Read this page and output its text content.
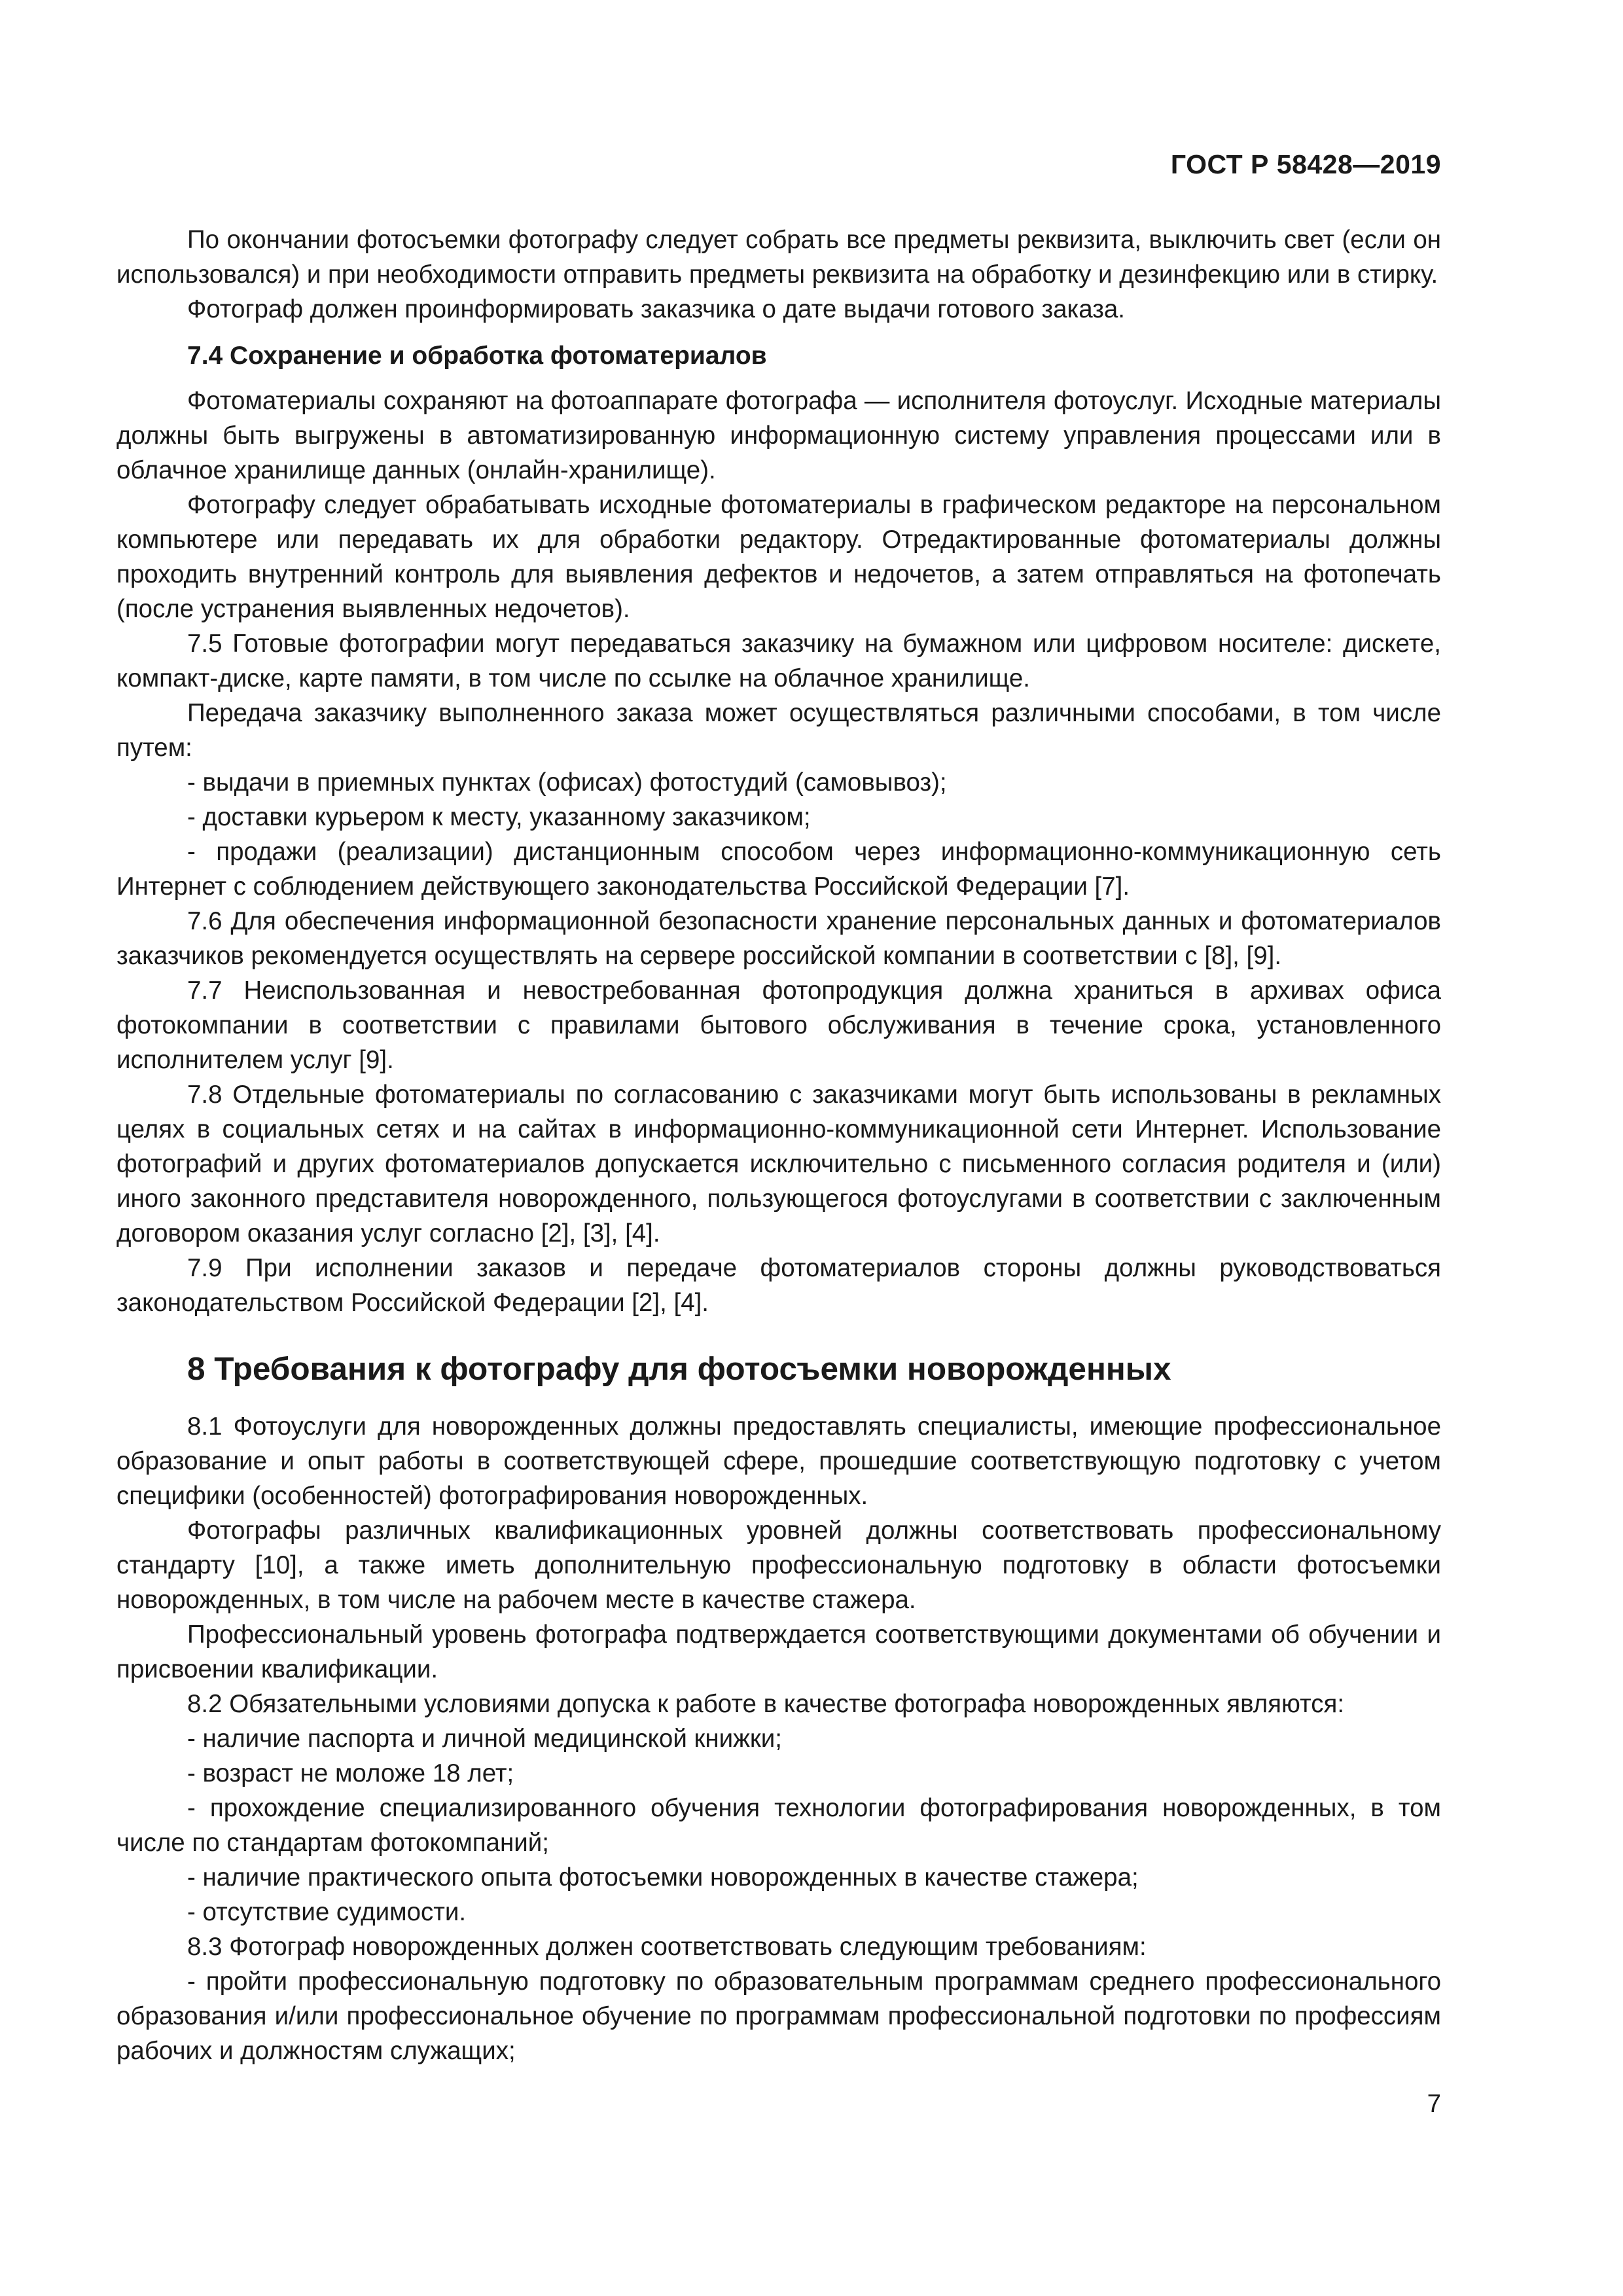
ГОСТ Р 58428—2019

По окончании фотосъемки фотографу следует собрать все предметы реквизита, выключить свет (если он использовался) и при необходимости отправить предметы реквизита на обработку и дезинфекцию или в стирку.

Фотограф должен проинформировать заказчика о дате выдачи готового заказа.

7.4 Сохранение и обработка фотоматериалов

Фотоматериалы сохраняют на фотоаппарате фотографа — исполнителя фотоуслуг. Исходные материалы должны быть выгружены в автоматизированную информационную систему управления процессами или в облачное хранилище данных (онлайн-хранилище).

Фотографу следует обрабатывать исходные фотоматериалы в графическом редакторе на персональном компьютере или передавать их для обработки редактору. Отредактированные фотоматериалы должны проходить внутренний контроль для выявления дефектов и недочетов, а затем отправляться на фотопечать (после устранения выявленных недочетов).

7.5 Готовые фотографии могут передаваться заказчику на бумажном или цифровом носителе: дискете, компакт-диске, карте памяти, в том числе по ссылке на облачное хранилище.

Передача заказчику выполненного заказа может осуществляться различными способами, в том числе путем:

- выдачи в приемных пунктах (офисах) фотостудий (самовывоз);

- доставки курьером к месту, указанному заказчиком;

- продажи (реализации) дистанционным способом через информационно-коммуникационную сеть Интернет с соблюдением действующего законодательства Российской Федерации [7].

7.6 Для обеспечения информационной безопасности хранение персональных данных и фотоматериалов заказчиков рекомендуется осуществлять на сервере российской компании в соответствии с [8], [9].

7.7 Неиспользованная и невостребованная фотопродукция должна храниться в архивах офиса фотокомпании в соответствии с правилами бытового обслуживания в течение срока, установленного исполнителем услуг [9].

7.8 Отдельные фотоматериалы по согласованию с заказчиками могут быть использованы в рекламных целях в социальных сетях и на сайтах в информационно-коммуникационной сети Интернет. Использование фотографий и других фотоматериалов допускается исключительно с письменного согласия родителя и (или) иного законного представителя новорожденного, пользующегося фотоуслугами в соответствии с заключенным договором оказания услуг согласно [2], [3], [4].

7.9 При исполнении заказов и передаче фотоматериалов стороны должны руководствоваться законодательством Российской Федерации [2], [4].

8 Требования к фотографу для фотосъемки новорожденных

8.1 Фотоуслуги для новорожденных должны предоставлять специалисты, имеющие профессиональное образование и опыт работы в соответствующей сфере, прошедшие соответствующую подготовку с учетом специфики (особенностей) фотографирования новорожденных.

Фотографы различных квалификационных уровней должны соответствовать профессиональному стандарту [10], а также иметь дополнительную профессиональную подготовку в области фотосъемки новорожденных, в том числе на рабочем месте в качестве стажера.

Профессиональный уровень фотографа подтверждается соответствующими документами об обучении и присвоении квалификации.

8.2 Обязательными условиями допуска к работе в качестве фотографа новорожденных являются:

- наличие паспорта и личной медицинской книжки;

- возраст не моложе 18 лет;

- прохождение специализированного обучения технологии фотографирования новорожденных, в том числе по стандартам фотокомпаний;

- наличие практического опыта фотосъемки новорожденных в качестве стажера;

- отсутствие судимости.

8.3 Фотограф новорожденных должен соответствовать следующим требованиям:

- пройти профессиональную подготовку по образовательным программам среднего профессионального образования и/или профессиональное обучение по программам профессиональной подготовки по профессиям рабочих и должностям служащих;

7
